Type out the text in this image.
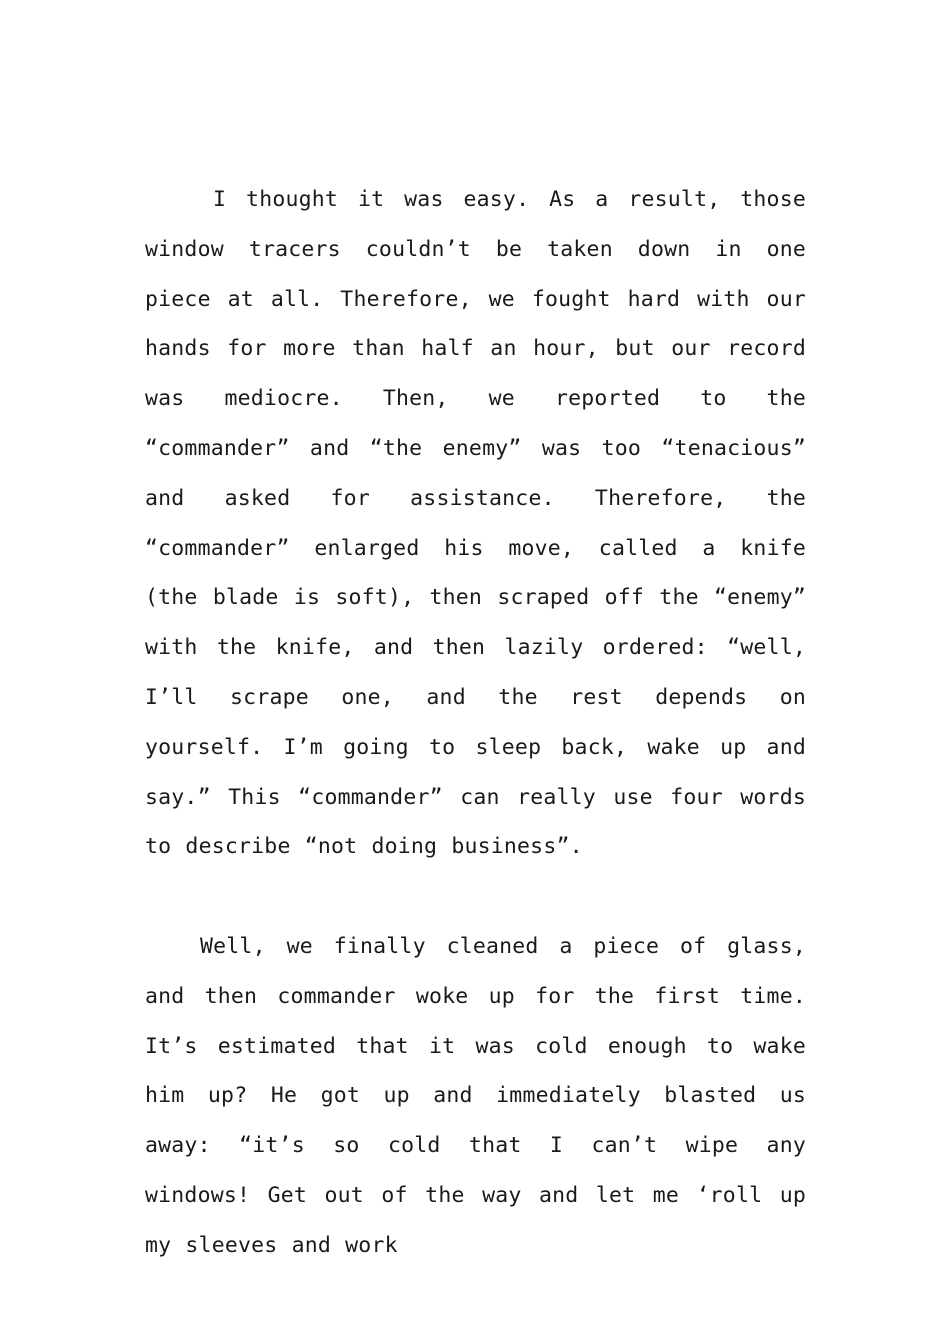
I thought it was easy. As a result, those window tracers couldn’t be taken down in one piece at all. Therefore, we fought hard with our hands for more than half an hour, but our record was mediocre. Then, we reported to the “commander” and “the enemy” was too “tenacious” and asked for assistance. Therefore, the “commander” enlarged his move, called a knife (the blade is soft), then scraped off the “enemy” with the knife, and then lazily ordered: “well, I’ll scrape one, and the rest depends on yourself. I’m going to sleep back, wake up and say.” This “commander” can really use four words to describe “not doing business”.

Well, we finally cleaned a piece of glass, and then commander woke up for the first time. It’s estimated that it was cold enough to wake him up? He got up and immediately blasted us away: “it’s so cold that I can’t wipe any windows! Get out of the way and let me ‘roll up my sleeves and work
